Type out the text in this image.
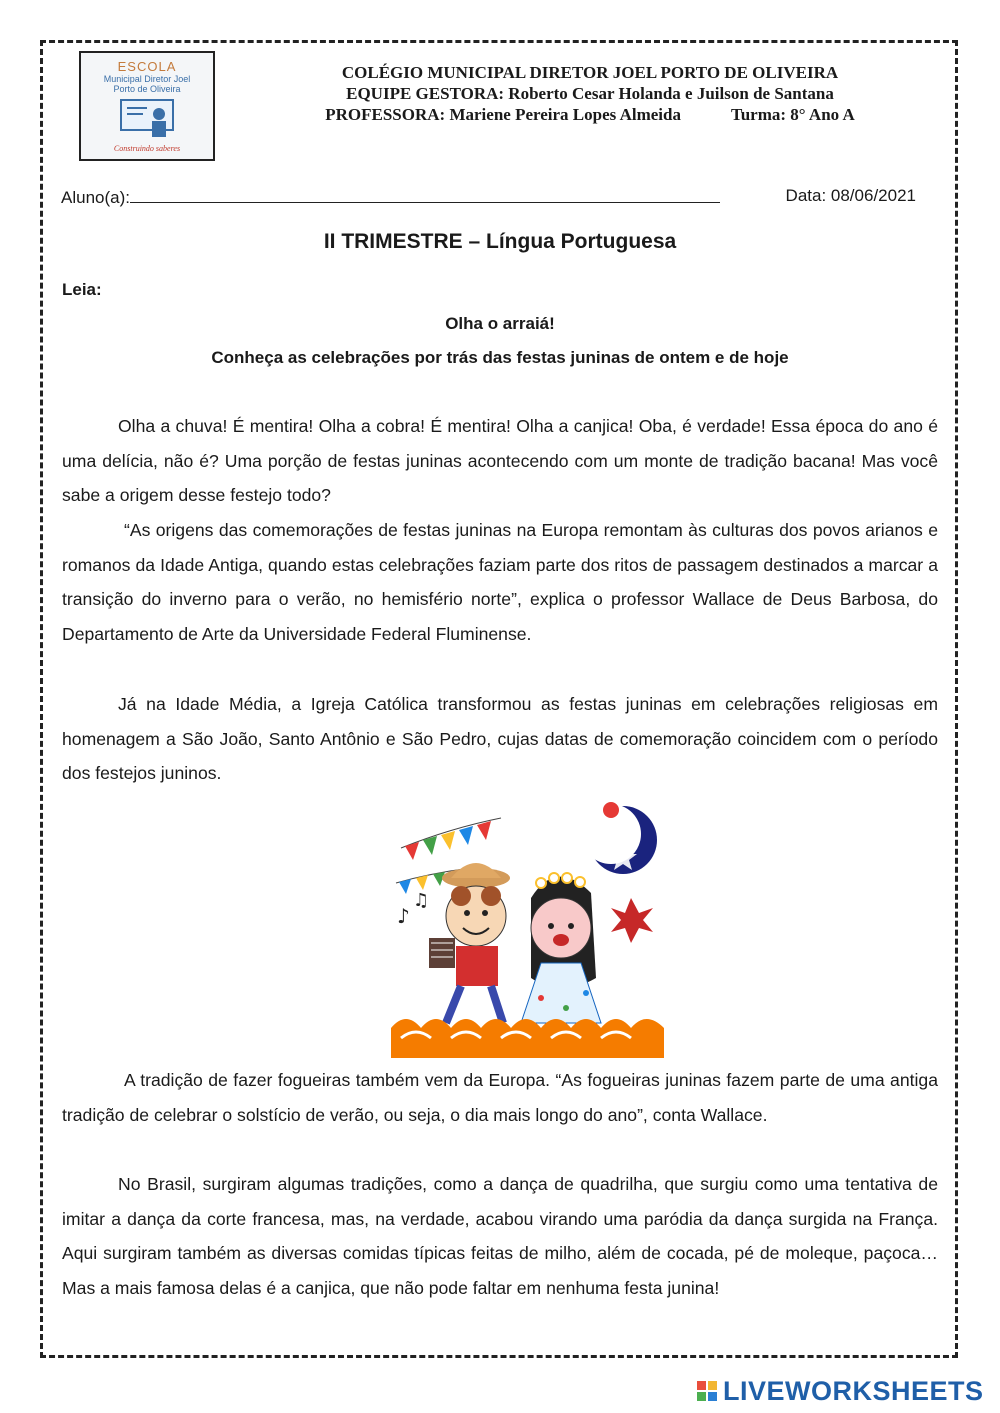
ESCOLA
Municipal Diretor Joel
Porto de Oliveira
Construindo saberes
COLÉGIO MUNICIPAL DIRETOR JOEL PORTO DE OLIVEIRA
EQUIPE GESTORA: Roberto Cesar Holanda e Juilson de Santana
PROFESSORA: Mariene Pereira Lopes Almeida	Turma: 8° Ano A
Aluno(a):	Data: 08/06/2021
II TRIMESTRE – Língua Portuguesa
Leia:
Olha o arraiá!
Conheça as celebrações por trás das festas juninas de ontem e de hoje

Olha a chuva! É mentira! Olha a cobra! É mentira! Olha a canjica! Oba, é verdade! Essa época do ano é uma delícia, não é? Uma porção de festas juninas acontecendo com um monte de tradição bacana! Mas você sabe a origem desse festejo todo?

“As origens das comemorações de festas juninas na Europa remontam às culturas dos povos arianos e romanos da Idade Antiga, quando estas celebrações faziam parte dos ritos de passagem destinados a marcar a transição do inverno para o verão, no hemisfério norte”, explica o professor Wallace de Deus Barbosa, do Departamento de Arte da Universidade Federal Fluminense.

Já na Idade Média, a Igreja Católica transformou as festas juninas em celebrações religiosas em homenagem a São João, Santo Antônio e São Pedro, cujas datas de comemoração coincidem com o período dos festejos juninos.

♪
♫

A tradição de fazer fogueiras também vem da Europa. “As fogueiras juninas fazem parte de uma antiga tradição de celebrar o solstício de verão, ou seja, o dia mais longo do ano”, conta Wallace.

No Brasil, surgiram algumas tradições, como a dança de quadrilha, que surgiu como uma tentativa de imitar a dança da corte francesa, mas, na verdade, acabou virando uma paródia da dança surgida na França. Aqui surgiram também as diversas comidas típicas feitas de milho, além de cocada, pé de moleque, paçoca… Mas a mais famosa delas é a canjica, que não pode faltar em nenhuma festa junina!

LIVEWORKSHEETS
